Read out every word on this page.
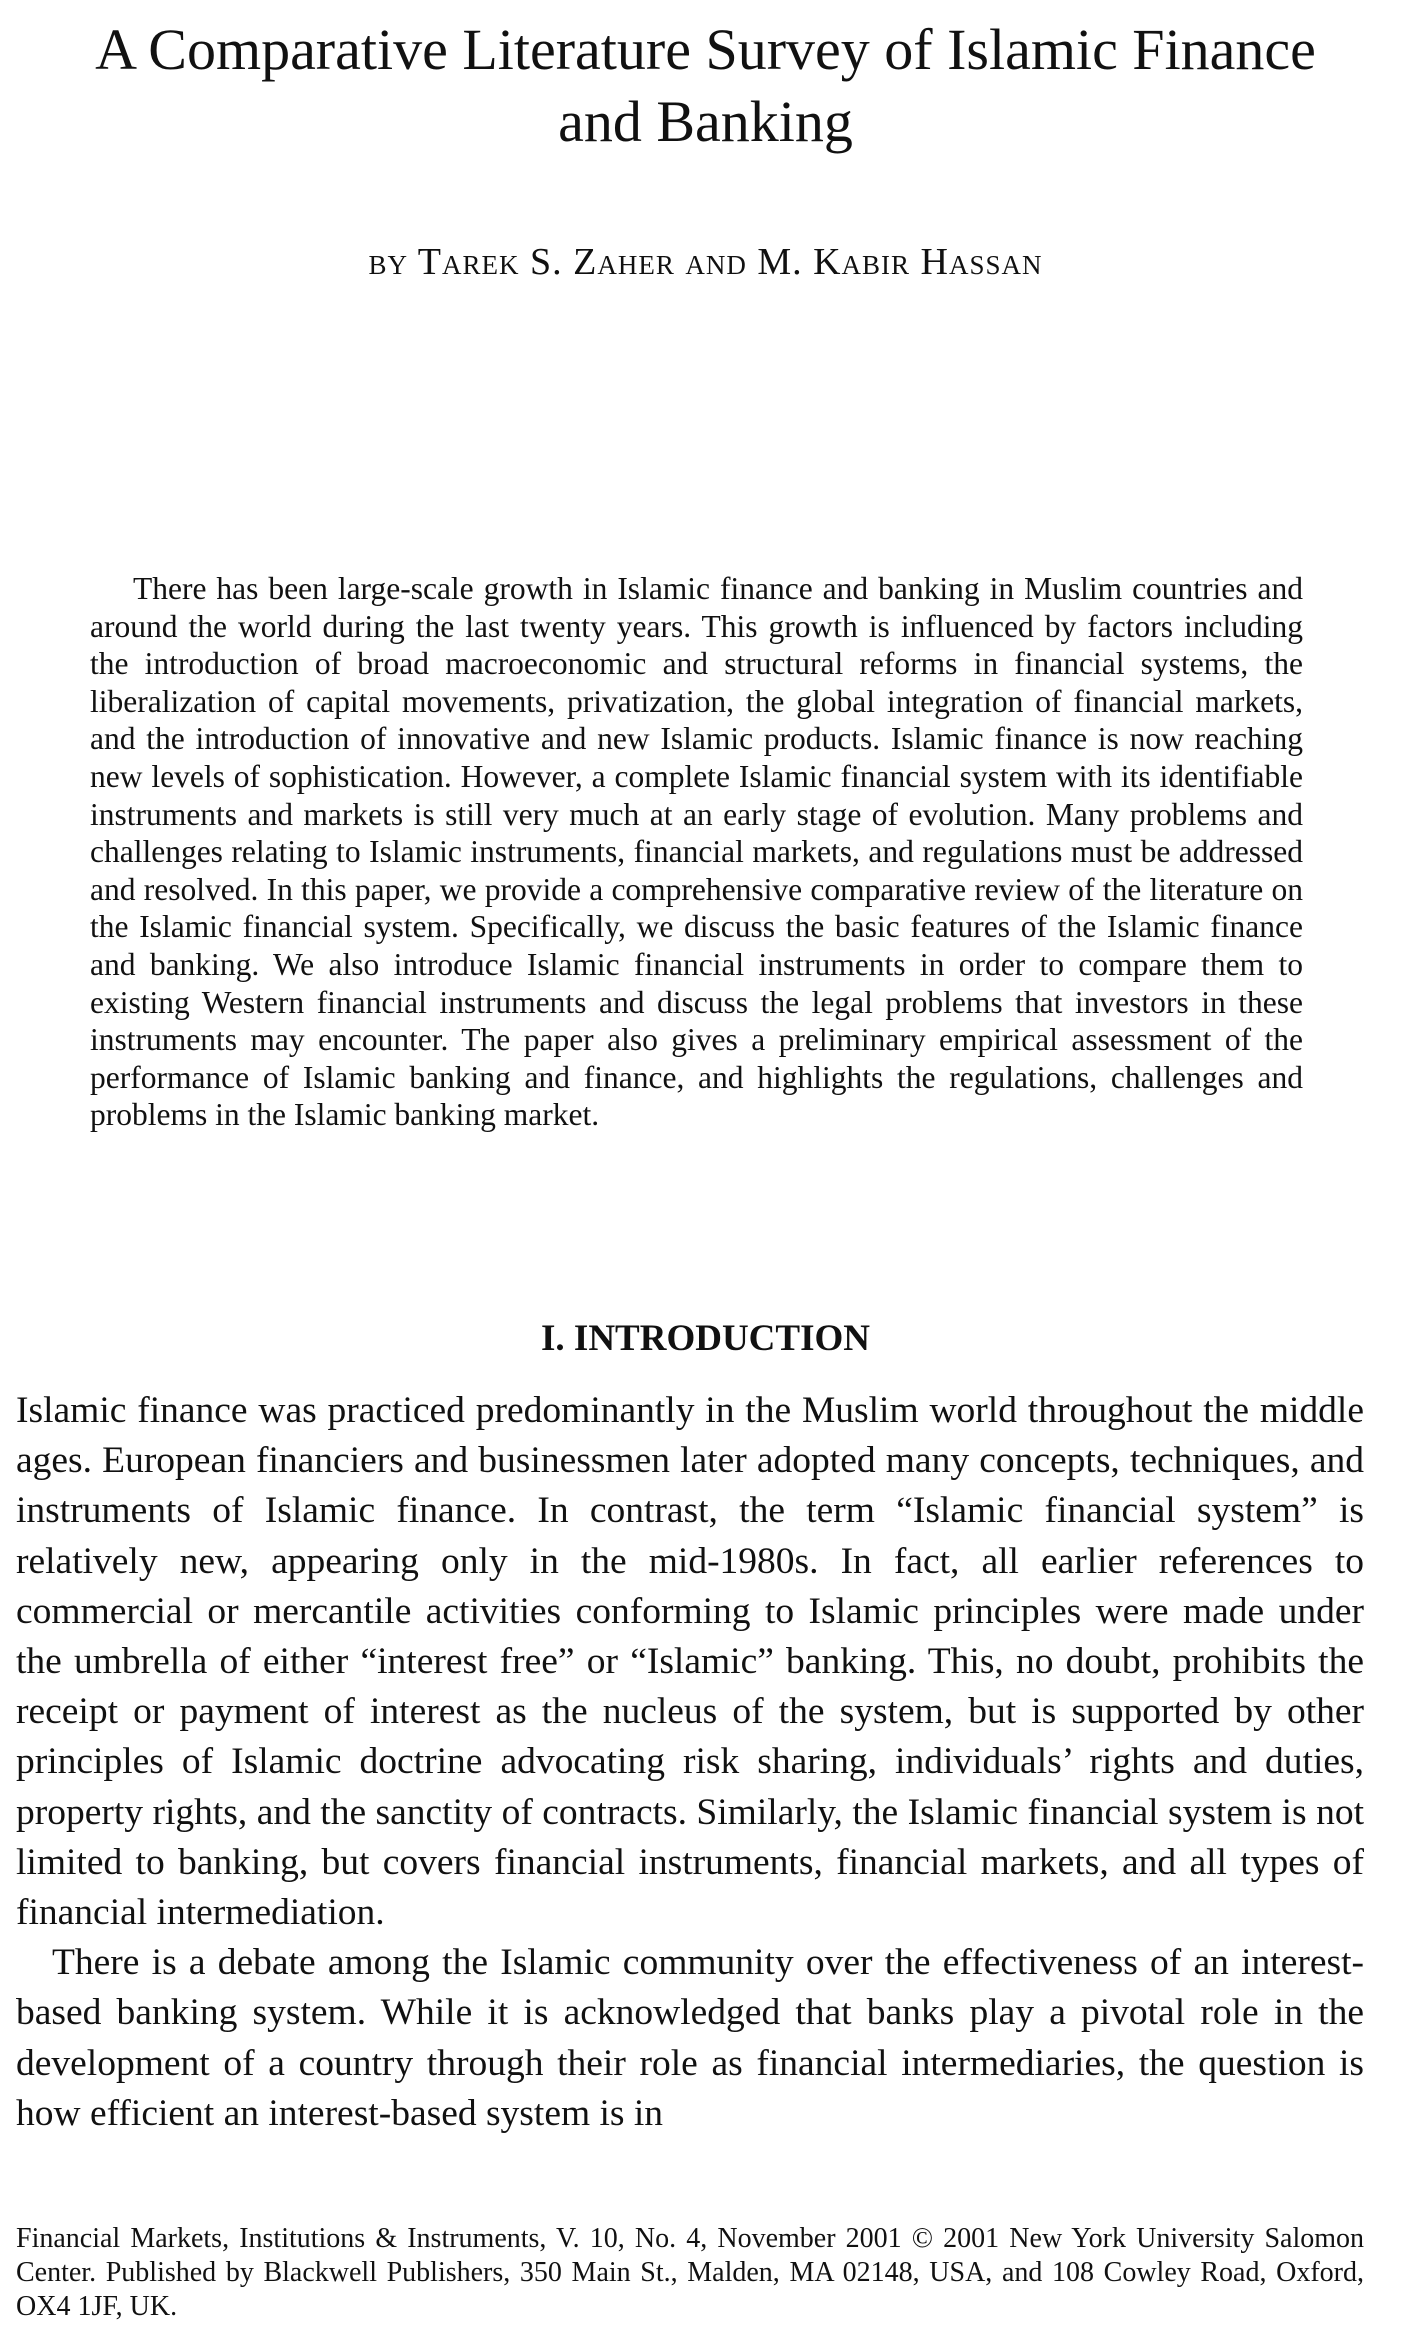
A Comparative Literature Survey of Islamic Finance and Banking
by Tarek S. Zaher and M. Kabir Hassan

There has been large-scale growth in Islamic finance and banking in Muslim countries and around the world during the last twenty years. This growth is influenced by factors including the introduction of broad macroeconomic and structural reforms in financial systems, the liberalization of capital movements, privatization, the global integration of financial markets, and the introduction of innovative and new Islamic products. Islamic finance is now reaching new levels of sophistication. However, a complete Islamic financial system with its identifiable instruments and markets is still very much at an early stage of evolution. Many problems and challenges relating to Islamic instruments, financial markets, and regulations must be addressed and resolved. In this paper, we provide a comprehensive comparative review of the literature on the Islamic financial system. Specifically, we discuss the basic features of the Islamic finance and banking. We also introduce Islamic financial instruments in order to compare them to existing Western financial instruments and discuss the legal problems that investors in these instruments may encounter. The paper also gives a preliminary empirical assessment of the performance of Islamic banking and finance, and highlights the regulations, challenges and problems in the Islamic banking market.

I. INTRODUCTION

Islamic finance was practiced predominantly in the Muslim world throughout the middle ages. European financiers and businessmen later adopted many concepts, techniques, and instruments of Islamic finance. In contrast, the term “Islamic financial system” is relatively new, appearing only in the mid-1980s. In fact, all earlier references to commercial or mercantile activities conforming to Islamic principles were made under the umbrella of either “interest free” or “Islamic” banking. This, no doubt, prohibits the receipt or payment of interest as the nucleus of the system, but is supported by other principles of Islamic doctrine advocating risk sharing, individuals’ rights and duties, property rights, and the sanctity of contracts. Similarly, the Islamic financial system is not limited to banking, but covers financial instruments, financial markets, and all types of financial intermediation.

There is a debate among the Islamic community over the effectiveness of an interest-based banking system. While it is acknowledged that banks play a pivotal role in the development of a country through their role as financial intermediaries, the question is how efficient an interest-based system is in

Financial Markets, Institutions & Instruments, V. 10, No. 4, November 2001 © 2001 New York University Salomon Center. Published by Blackwell Publishers, 350 Main St., Malden, MA 02148, USA, and 108 Cowley Road, Oxford, OX4 1JF, UK.
